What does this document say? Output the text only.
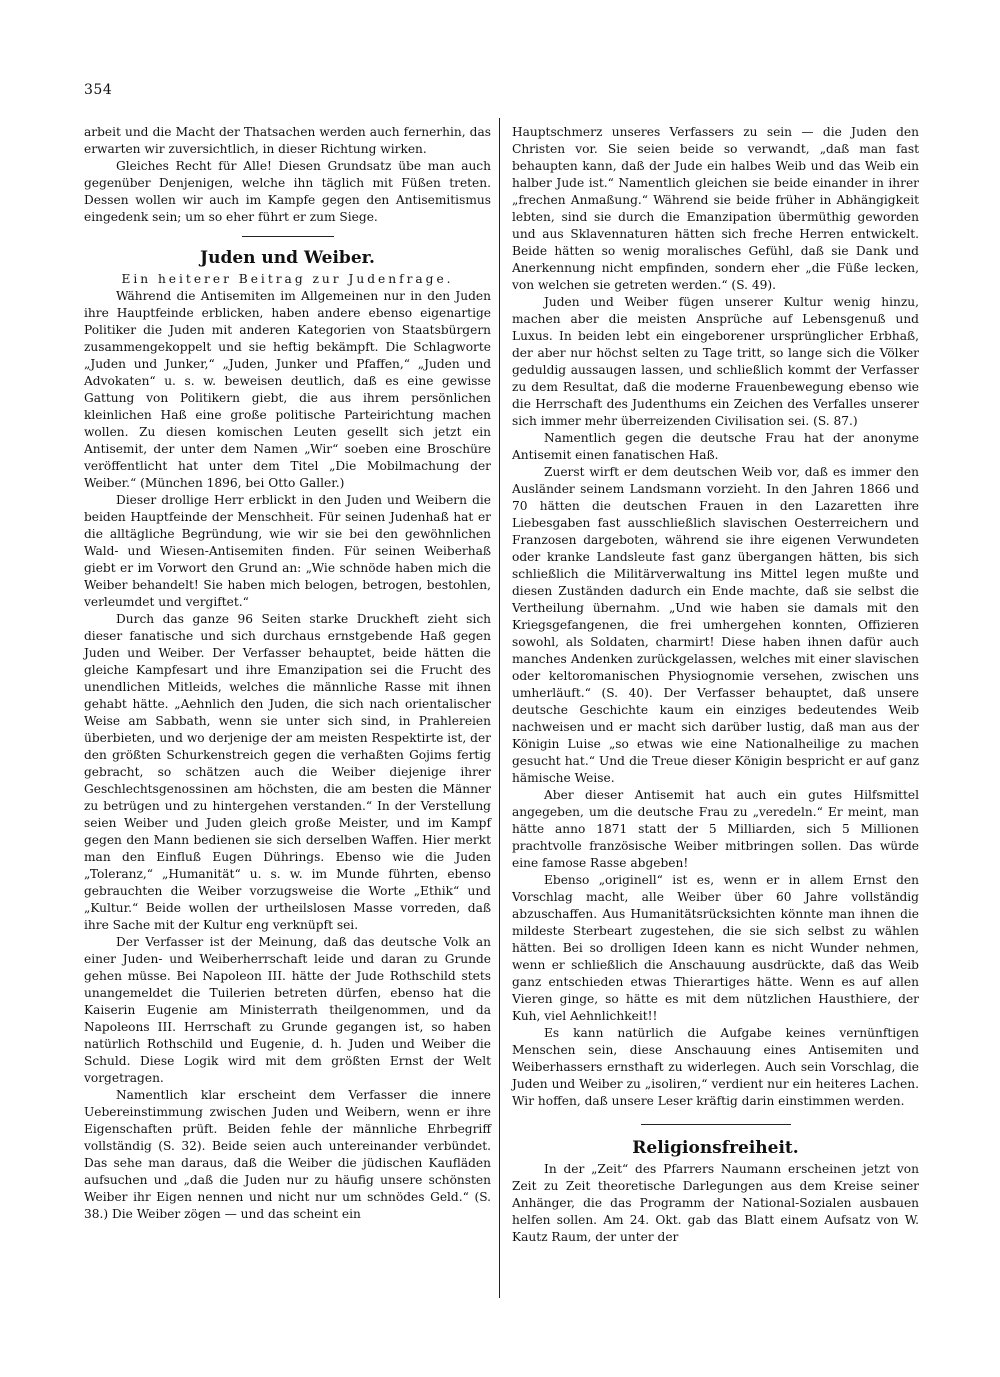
354

arbeit und die Macht der Thatsachen werden auch fernerhin, das erwarten wir zuversichtlich, in dieser Richtung wirken.

Gleiches Recht für Alle! Diesen Grundsatz übe man auch gegenüber Denjenigen, welche ihn täglich mit Füßen treten. Dessen wollen wir auch im Kampfe gegen den Antisemitismus eingedenk sein; um so eher führt er zum Siege.

Juden und Weiber.
Ein heiterer Beitrag zur Judenfrage.

Während die Antisemiten im Allgemeinen nur in den Juden ihre Hauptfeinde erblicken, haben andere ebenso eigenartige Politiker die Juden mit anderen Kategorien von Staatsbürgern zusammengekoppelt und sie heftig bekämpft. Die Schlagworte „Juden und Junker,“ „Juden, Junker und Pfaffen,“ „Juden und Advokaten“ u. s. w. beweisen deutlich, daß es eine gewisse Gattung von Politikern giebt, die aus ihrem persönlichen kleinlichen Haß eine große politische Parteirichtung machen wollen. Zu diesen komischen Leuten gesellt sich jetzt ein Antisemit, der unter dem Namen „Wir“ soeben eine Broschüre veröffentlicht hat unter dem Titel „Die Mobilmachung der Weiber.“ (München 1896, bei Otto Galler.)

Dieser drollige Herr erblickt in den Juden und Weibern die beiden Hauptfeinde der Menschheit. Für seinen Judenhaß hat er die alltägliche Begründung, wie wir sie bei den gewöhnlichen Wald- und Wiesen-Antisemiten finden. Für seinen Weiberhaß giebt er im Vorwort den Grund an: „Wie schnöde haben mich die Weiber behandelt! Sie haben mich belogen, betrogen, bestohlen, verleumdet und vergiftet.“

Durch das ganze 96 Seiten starke Druckheft zieht sich dieser fanatische und sich durchaus ernstgebende Haß gegen Juden und Weiber. Der Verfasser behauptet, beide hätten die gleiche Kampfesart und ihre Emanzipation sei die Frucht des unendlichen Mitleids, welches die männliche Rasse mit ihnen gehabt hätte. „Aehnlich den Juden, die sich nach orientalischer Weise am Sabbath, wenn sie unter sich sind, in Prahlereien überbieten, und wo derjenige der am meisten Respektirte ist, der den größten Schurkenstreich gegen die verhaßten Gojims fertig gebracht, so schätzen auch die Weiber diejenige ihrer Geschlechtsgenossinen am höchsten, die am besten die Männer zu betrügen und zu hintergehen verstanden.“ In der Verstellung seien Weiber und Juden gleich große Meister, und im Kampf gegen den Mann bedienen sie sich derselben Waffen. Hier merkt man den Einfluß Eugen Dührings. Ebenso wie die Juden „Toleranz,“ „Humanität“ u. s. w. im Munde führten, ebenso gebrauchten die Weiber vorzugsweise die Worte „Ethik“ und „Kultur.“ Beide wollen der urtheilslosen Masse vorreden, daß ihre Sache mit der Kultur eng verknüpft sei.

Der Verfasser ist der Meinung, daß das deutsche Volk an einer Juden- und Weiberherrschaft leide und daran zu Grunde gehen müsse. Bei Napoleon III. hätte der Jude Rothschild stets unangemeldet die Tuilerien betreten dürfen, ebenso hat die Kaiserin Eugenie am Ministerrath theilgenommen, und da Napoleons III. Herrschaft zu Grunde gegangen ist, so haben natürlich Rothschild und Eugenie, d. h. Juden und Weiber die Schuld. Diese Logik wird mit dem größten Ernst der Welt vorgetragen.

Namentlich klar erscheint dem Verfasser die innere Uebereinstimmung zwischen Juden und Weibern, wenn er ihre Eigenschaften prüft. Beiden fehle der männliche Ehrbegriff vollständig (S. 32). Beide seien auch untereinander verbündet. Das sehe man daraus, daß die Weiber die jüdischen Kaufläden aufsuchen und „daß die Juden nur zu häufig unsere schönsten Weiber ihr Eigen nennen und nicht nur um schnödes Geld.“ (S. 38.) Die Weiber zögen — und das scheint ein

Hauptschmerz unseres Verfassers zu sein — die Juden den Christen vor. Sie seien beide so verwandt, „daß man fast behaupten kann, daß der Jude ein halbes Weib und das Weib ein halber Jude ist.“ Namentlich gleichen sie beide einander in ihrer „frechen Anmaßung.“ Während sie beide früher in Abhängigkeit lebten, sind sie durch die Emanzipation übermüthig geworden und aus Sklavennaturen hätten sich freche Herren entwickelt. Beide hätten so wenig moralisches Gefühl, daß sie Dank und Anerkennung nicht empfinden, sondern eher „die Füße lecken, von welchen sie getreten werden.“ (S. 49).

Juden und Weiber fügen unserer Kultur wenig hinzu, machen aber die meisten Ansprüche auf Lebensgenuß und Luxus. In beiden lebt ein eingeborener ursprünglicher Erbhaß, der aber nur höchst selten zu Tage tritt, so lange sich die Völker geduldig aussaugen lassen, und schließlich kommt der Verfasser zu dem Resultat, daß die moderne Frauenbewegung ebenso wie die Herrschaft des Judenthums ein Zeichen des Verfalles unserer sich immer mehr überreizenden Civilisation sei. (S. 87.)

Namentlich gegen die deutsche Frau hat der anonyme Antisemit einen fanatischen Haß.

Zuerst wirft er dem deutschen Weib vor, daß es immer den Ausländer seinem Landsmann vorzieht. In den Jahren 1866 und 70 hätten die deutschen Frauen in den Lazaretten ihre Liebesgaben fast ausschließlich slavischen Oesterreichern und Franzosen dargeboten, während sie ihre eigenen Verwundeten oder kranke Landsleute fast ganz übergangen hätten, bis sich schließlich die Militärverwaltung ins Mittel legen mußte und diesen Zuständen dadurch ein Ende machte, daß sie selbst die Vertheilung übernahm. „Und wie haben sie damals mit den Kriegsgefangenen, die frei umhergehen konnten, Offizieren sowohl, als Soldaten, charmirt! Diese haben ihnen dafür auch manches Andenken zurückgelassen, welches mit einer slavischen oder keltoromanischen Physiognomie versehen, zwischen uns umherläuft.“ (S. 40). Der Verfasser behauptet, daß unsere deutsche Geschichte kaum ein einziges bedeutendes Weib nachweisen und er macht sich darüber lustig, daß man aus der Königin Luise „so etwas wie eine Nationalheilige zu machen gesucht hat.“ Und die Treue dieser Königin bespricht er auf ganz hämische Weise.

Aber dieser Antisemit hat auch ein gutes Hilfsmittel angegeben, um die deutsche Frau zu „veredeln.“ Er meint, man hätte anno 1871 statt der 5 Milliarden, sich 5 Millionen prachtvolle französische Weiber mitbringen sollen. Das würde eine famose Rasse abgeben!

Ebenso „originell“ ist es, wenn er in allem Ernst den Vorschlag macht, alle Weiber über 60 Jahre vollständig abzuschaffen. Aus Humanitätsrücksichten könnte man ihnen die mildeste Sterbeart zugestehen, die sie sich selbst zu wählen hätten. Bei so drolligen Ideen kann es nicht Wunder nehmen, wenn er schließlich die Anschauung ausdrückte, daß das Weib ganz entschieden etwas Thierartiges hätte. Wenn es auf allen Vieren ginge, so hätte es mit dem nützlichen Hausthiere, der Kuh, viel Aehnlichkeit!!

Es kann natürlich die Aufgabe keines vernünftigen Menschen sein, diese Anschauung eines Antisemiten und Weiberhassers ernsthaft zu widerlegen. Auch sein Vorschlag, die Juden und Weiber zu „isoliren,“ verdient nur ein heiteres Lachen. Wir hoffen, daß unsere Leser kräftig darin einstimmen werden.

Religionsfreiheit.

In der „Zeit“ des Pfarrers Naumann erscheinen jetzt von Zeit zu Zeit theoretische Darlegungen aus dem Kreise seiner Anhänger, die das Programm der National-Sozialen ausbauen helfen sollen. Am 24. Okt. gab das Blatt einem Aufsatz von W. Kautz Raum, der unter der
